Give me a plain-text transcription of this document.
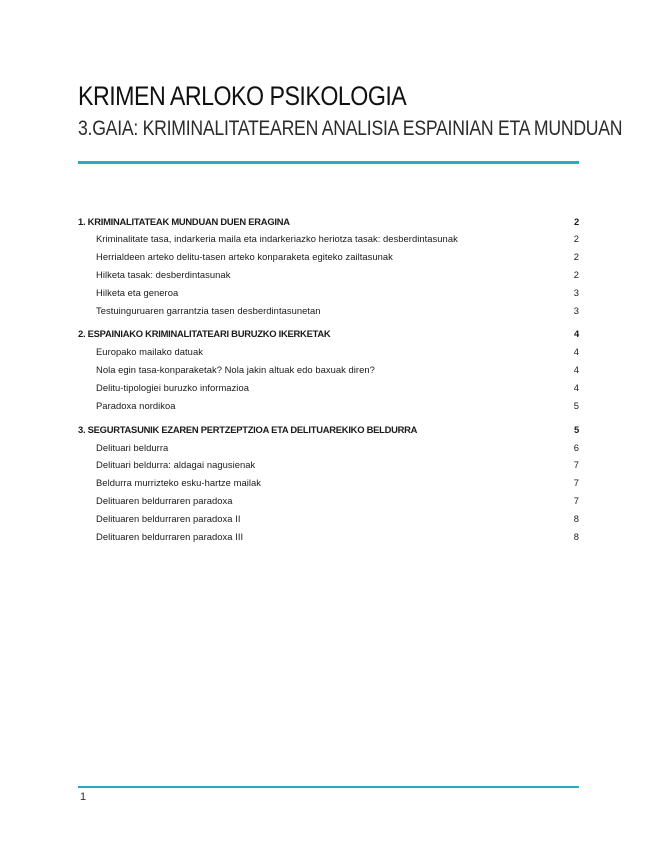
KRIMEN ARLOKO PSIKOLOGIA
3.GAIA: KRIMINALITATEAREN ANALISIA ESPAINIAN ETA MUNDUAN
1. KRIMINALITATEAK MUNDUAN DUEN ERAGINA	2
Kriminalitate tasa, indarkeria maila eta indarkeriazko heriotza tasak: desberdintasunak	2
Herrialdeen arteko delitu-tasen arteko konparaketa egiteko zailtasunak	2
Hilketa tasak: desberdintasunak	2
Hilketa eta generoa	3
Testuinguruaren garrantzia tasen desberdintasunetan	3
2. ESPAINIAKO KRIMINALITATEARI BURUZKO IKERKETAK	4
Europako mailako datuak	4
Nola egin tasa-konparaketak? Nola jakin altuak edo baxuak diren?	4
Delitu-tipologiei buruzko informazioa	4
Paradoxa nordikoa	5
3. SEGURTASUNIK EZAREN PERTZEPTZIOA ETA DELITUAREKIKO BELDURRA	5
Delituari beldurra	6
Delituari beldurra: aldagai nagusienak	7
Beldurra murrizteko esku-hartze mailak	7
Delituaren beldurraren paradoxa	7
Delituaren beldurraren paradoxa II	8
Delituaren beldurraren paradoxa III	8
1
